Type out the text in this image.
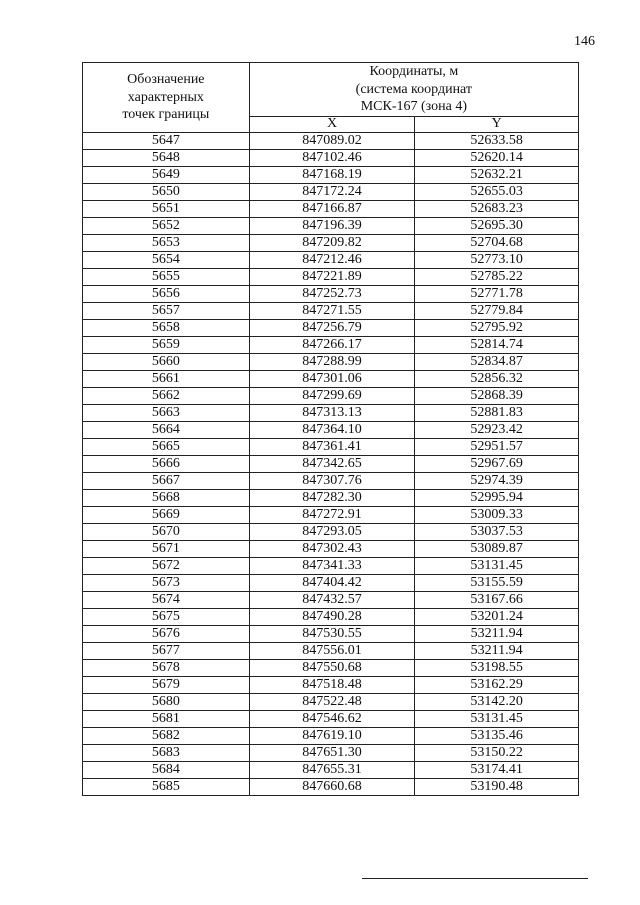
146
Обозначение
характерных
точек границы	Координаты, м
(система координат
МСК-167 (зона 4)	

	X	Y
5647	847089.02	52633.58
5648	847102.46	52620.14
5649	847168.19	52632.21
5650	847172.24	52655.03
5651	847166.87	52683.23
5652	847196.39	52695.30
5653	847209.82	52704.68
5654	847212.46	52773.10
5655	847221.89	52785.22
5656	847252.73	52771.78
5657	847271.55	52779.84
5658	847256.79	52795.92
5659	847266.17	52814.74
5660	847288.99	52834.87
5661	847301.06	52856.32
5662	847299.69	52868.39
5663	847313.13	52881.83
5664	847364.10	52923.42
5665	847361.41	52951.57
5666	847342.65	52967.69
5667	847307.76	52974.39
5668	847282.30	52995.94
5669	847272.91	53009.33
5670	847293.05	53037.53
5671	847302.43	53089.87
5672	847341.33	53131.45
5673	847404.42	53155.59
5674	847432.57	53167.66
5675	847490.28	53201.24
5676	847530.55	53211.94
5677	847556.01	53211.94
5678	847550.68	53198.55
5679	847518.48	53162.29
5680	847522.48	53142.20
5681	847546.62	53131.45
5682	847619.10	53135.46
5683	847651.30	53150.22
5684	847655.31	53174.41
5685	847660.68	53190.48
